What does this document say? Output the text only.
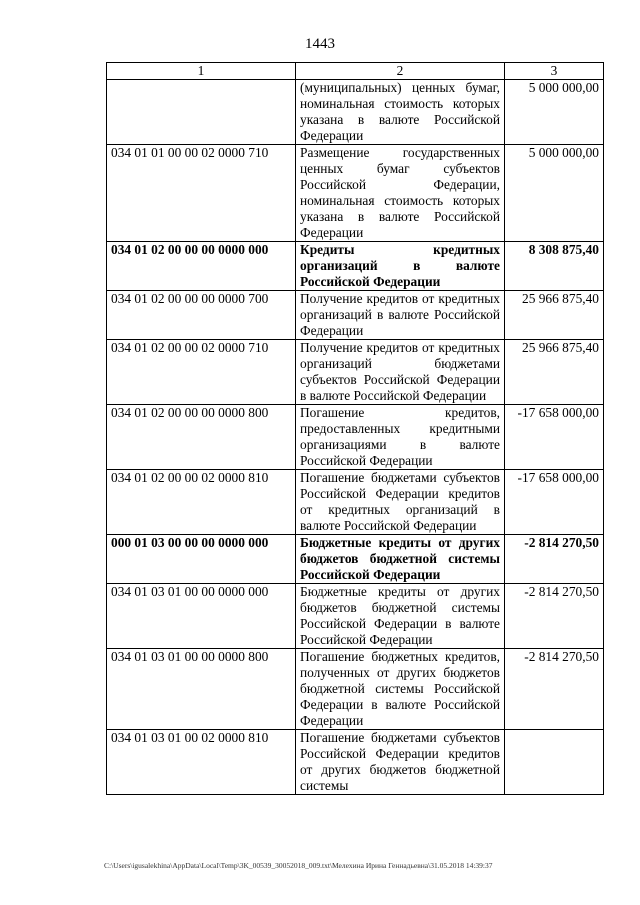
1443
1	2	3
	(муниципальных) ценных бумаг, номинальная стоимость которых указана в валюте Российской Федерации	5 000 000,00
034 01 01 00 00 02 0000 710	Размещение государственных ценных бумаг субъектов Российской Федерации, номинальная стоимость которых указана в валюте Российской Федерации	5 000 000,00
034 01 02 00 00 00 0000 000	Кредиты кредитных организаций в валюте Российской Федерации	8 308 875,40
034 01 02 00 00 00 0000 700	Получение кредитов от кредитных организаций в валюте Российской Федерации	25 966 875,40
034 01 02 00 00 02 0000 710	Получение кредитов от кредитных организаций бюджетами субъектов Российской Федерации в валюте Российской Федерации	25 966 875,40
034 01 02 00 00 00 0000 800	Погашение кредитов, предоставленных кредитными организациями в валюте Российской Федерации	-17 658 000,00
034 01 02 00 00 02 0000 810	Погашение бюджетами субъектов Российской Федерации кредитов от кредитных организаций в валюте Российской Федерации	-17 658 000,00
000 01 03 00 00 00 0000 000	Бюджетные кредиты от других бюджетов бюджетной системы Российской Федерации	-2 814 270,50
034 01 03 01 00 00 0000 000	Бюджетные кредиты от других бюджетов бюджетной системы Российской Федерации в валюте Российской Федерации	-2 814 270,50
034 01 03 01 00 00 0000 800	Погашение бюджетных кредитов, полученных от других бюджетов бюджетной системы Российской Федерации в валюте Российской Федерации	-2 814 270,50
034 01 03 01 00 02 0000 810	Погашение бюджетами субъектов Российской Федерации кредитов от других бюджетов бюджетной системы	
C:\Users\igusalekhina\AppData\Local\Temp\3K_00539_30052018_009.txt\Мелехина Ирина Геннадьевна\31.05.2018 14:39:37
